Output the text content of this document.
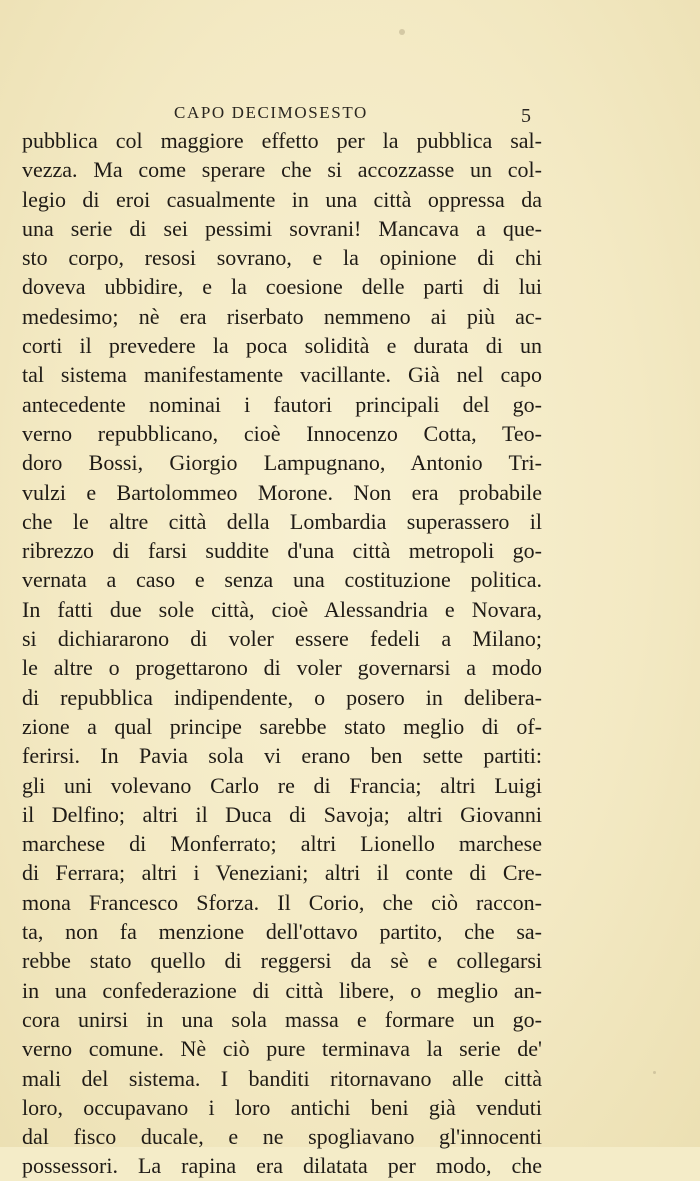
CAPO DECIMOSESTO	5
pubblica col maggiore effetto per la pubblica sal-
vezza. Ma come sperare che si accozzasse un col-
legio di eroi casualmente in una città oppressa da
una serie di sei pessimi sovrani! Mancava a que-
sto corpo, resosi sovrano, e la opinione di chi
doveva ubbidire, e la coesione delle parti di lui
medesimo; nè era riserbato nemmeno ai più ac-
corti il prevedere la poca solidità e durata di un
tal sistema manifestamente vacillante. Già nel capo
antecedente nominai i fautori principali del go-
verno repubblicano, cioè Innocenzo Cotta, Teo-
doro Bossi, Giorgio Lampugnano, Antonio Tri-
vulzi e Bartolommeo Morone. Non era probabile
che le altre città della Lombardia superassero il
ribrezzo di farsi suddite d'una città metropoli go-
vernata a caso e senza una costituzione politica.
In fatti due sole città, cioè Alessandria e Novara,
si dichiararono di voler essere fedeli a Milano;
le altre o progettarono di voler governarsi a modo
di repubblica indipendente, o posero in delibera-
zione a qual principe sarebbe stato meglio di of-
ferirsi. In Pavia sola vi erano ben sette partiti:
gli uni volevano Carlo re di Francia; altri Luigi
il Delfino; altri il Duca di Savoja; altri Giovanni
marchese di Monferrato; altri Lionello marchese
di Ferrara; altri i Veneziani; altri il conte di Cre-
mona Francesco Sforza. Il Corio, che ciò raccon-
ta, non fa menzione dell'ottavo partito, che sa-
rebbe stato quello di reggersi da sè e collegarsi
in una confederazione di città libere, o meglio an-
cora unirsi in una sola massa e formare un go-
verno comune. Nè ciò pure terminava la serie de'
mali del sistema. I banditi ritornavano alle città
loro, occupavano i loro antichi beni già venduti
dal fisco ducale, e ne spogliavano gl'innocenti
possessori. La rapina era dilatata per modo, che
